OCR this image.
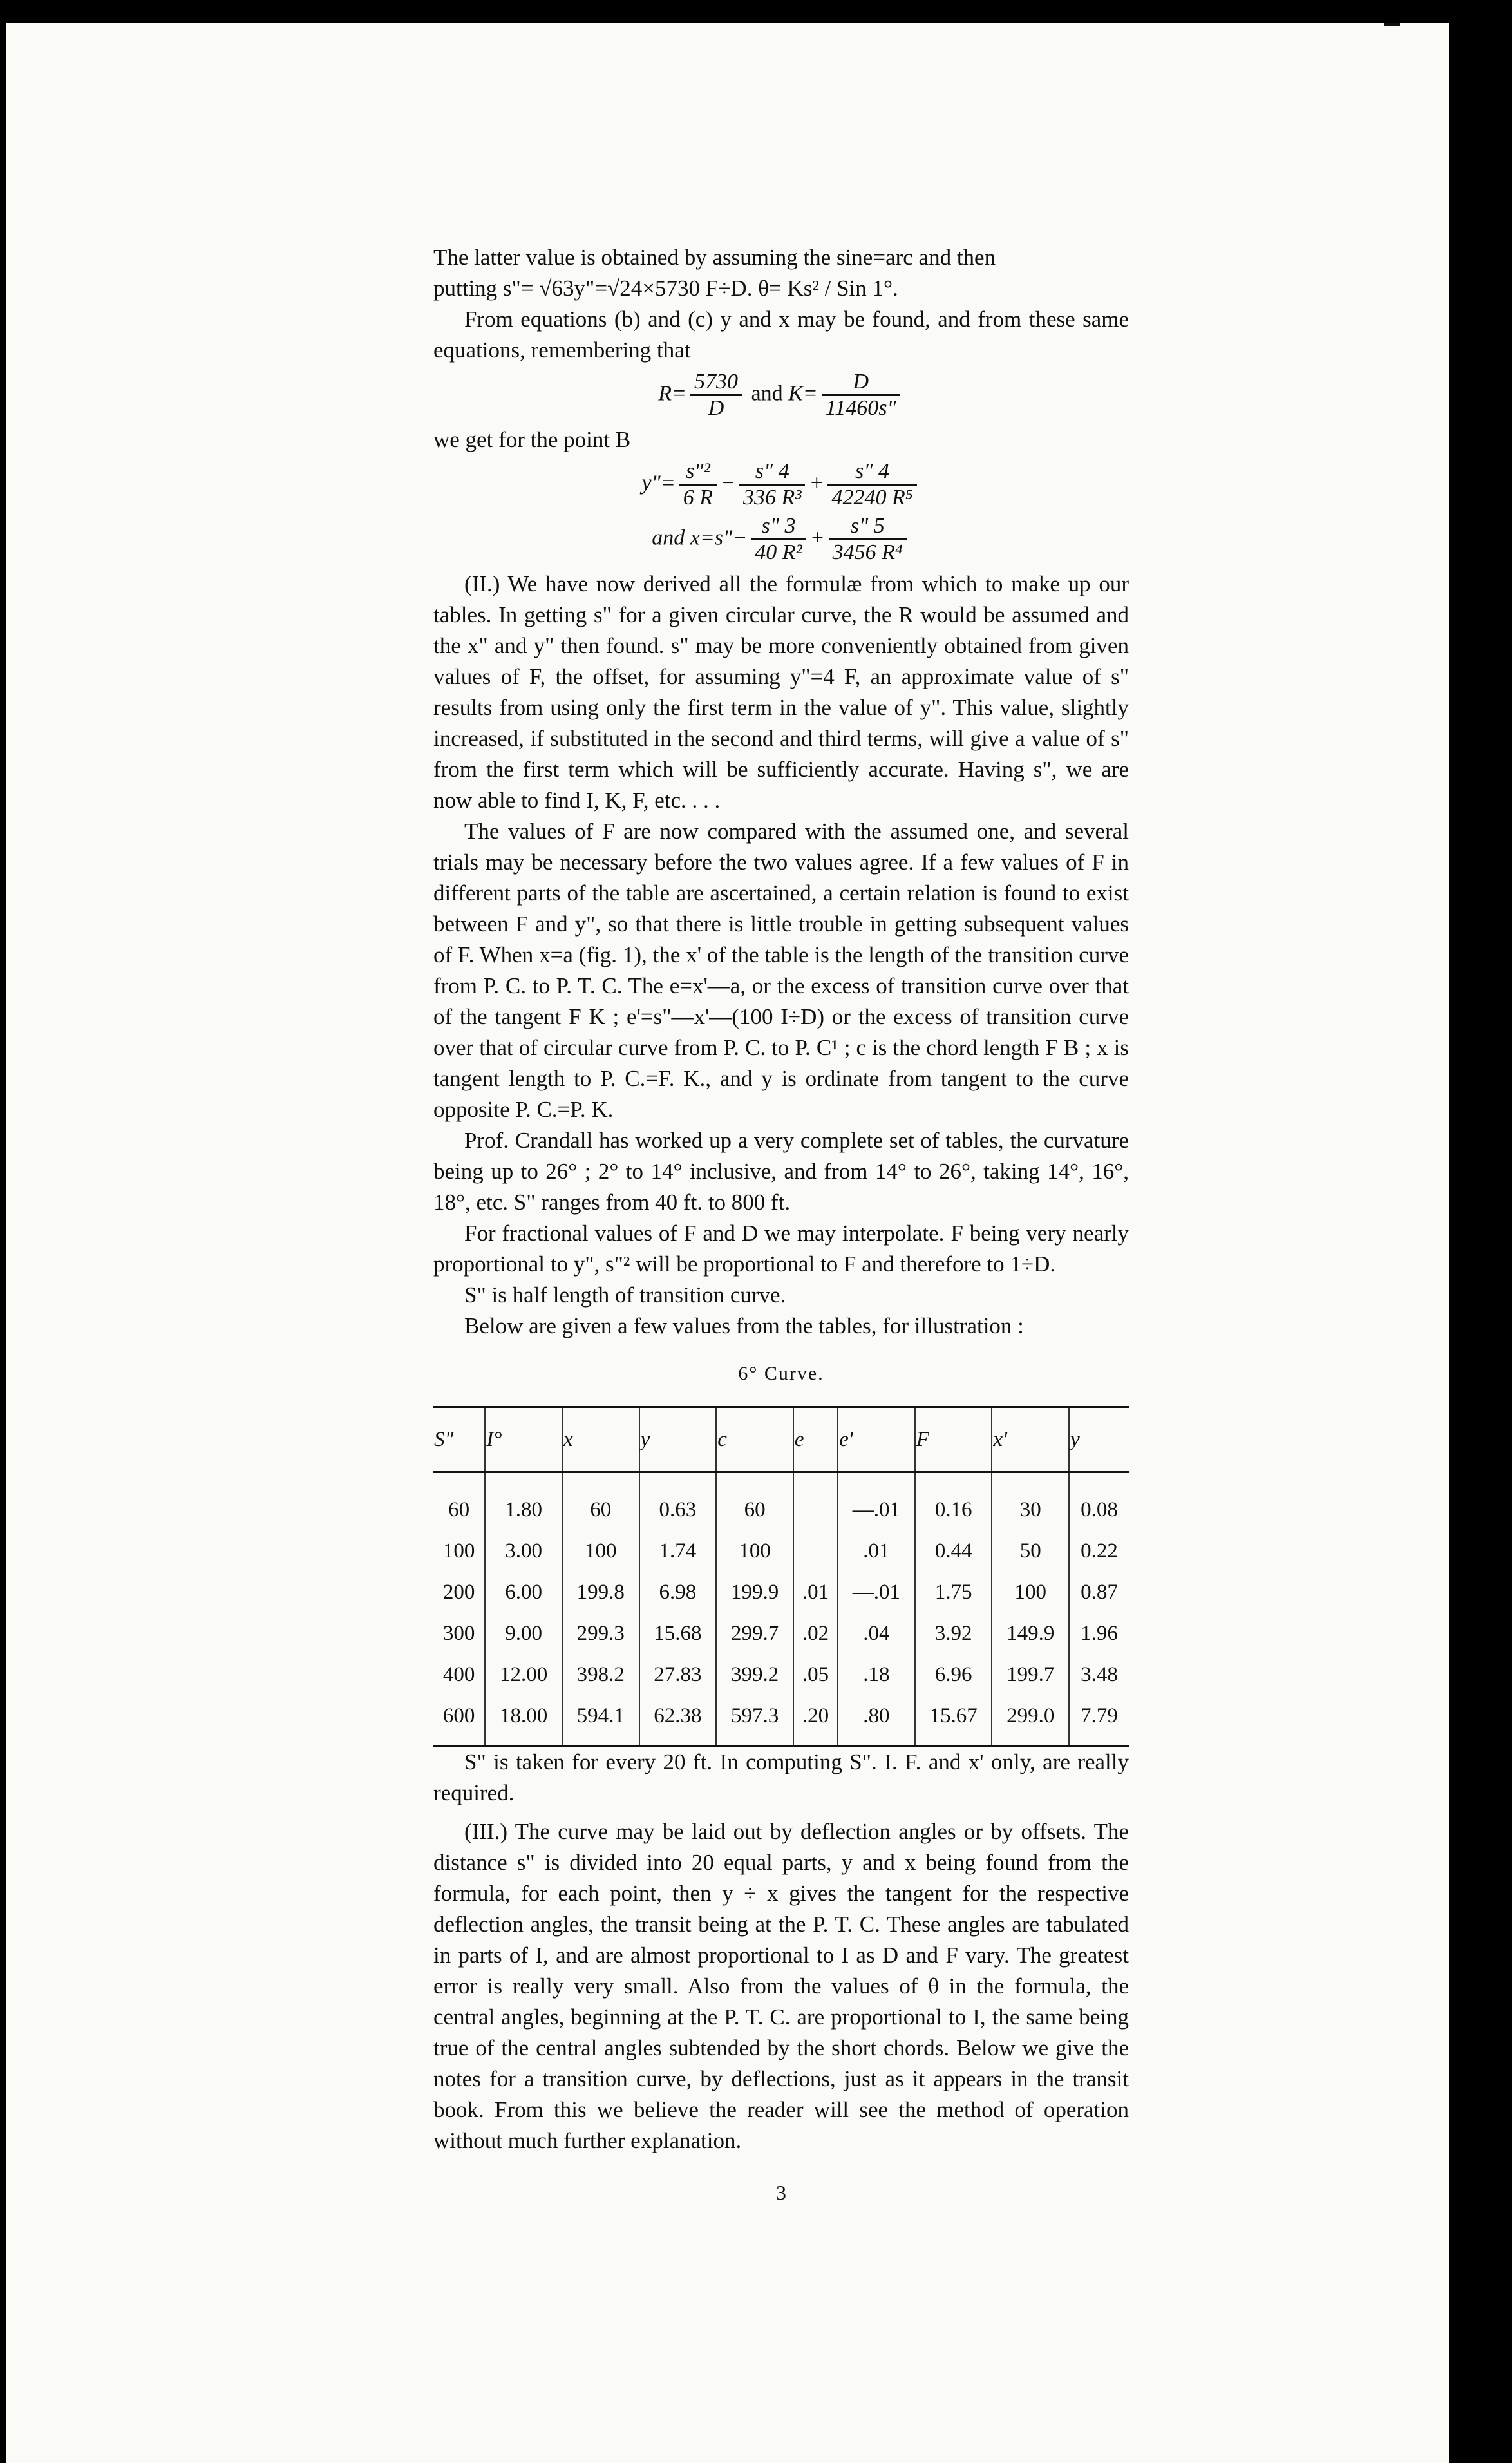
The latter value is obtained by assuming the sine=arc and then

putting s"= √63y"=√24×5730 F÷D. θ= Ks² / Sin 1°.

From equations (b) and (c) y and x may be found, and from these same equations, remembering that

$R= \frac{5730}{D}$ and $K= \frac{D}{11460s"}$

we get for the point B

y"= $\frac{\text{s"²}}{6 R} - \frac{s" 4}{\text{336 R³}} + \frac{s" 4}{\text{42240 R⁵}}$
and x=s"− $\frac{s" 3}{\text{40 R²}} + \frac{s" 5}{\text{3456 R⁴}}$

(II.) We have now derived all the formulæ from which to make up our tables. In getting s" for a given circular curve, the R would be assumed and the x" and y" then found. s" may be more conveniently obtained from given values of F, the offset, for assuming y"=4 F, an approximate value of s" results from using only the first term in the value of y". This value, slightly increased, if substituted in the second and third terms, will give a value of s" from the first term which will be sufficiently accurate. Having s", we are now able to find I, K, F, etc. . . .

The values of F are now compared with the assumed one, and several trials may be necessary before the two values agree. If a few values of F in different parts of the table are ascertained, a certain relation is found to exist between F and y", so that there is little trouble in getting subsequent values of F. When x=a (fig. 1), the x' of the table is the length of the transition curve from P. C. to P. T. C. The e=x'—a, or the excess of transition curve over that of the tangent F K ; e'=s"—x'—(100 I÷D) or the excess of transition curve over that of circular curve from P. C. to P. C¹ ; c is the chord length F B ; x is tangent length to P. C.=F. K., and y is ordinate from tangent to the curve opposite P. C.=P. K.

Prof. Crandall has worked up a very complete set of tables, the curvature being up to 26° ; 2° to 14° inclusive, and from 14° to 26°, taking 14°, 16°, 18°, etc. S" ranges from 40 ft. to 800 ft.

For fractional values of F and D we may interpolate. F being very nearly proportional to y", s"² will be proportional to F and therefore to 1÷D.

S" is half length of transition curve.

Below are given a few values from the tables, for illustration :

6° Curve.
S"	I°	x	y	c	e	e'	F	x'	y
60	1.80	60	0.63	60		—.01	0.16	30	0.08
100	3.00	100	1.74	100		.01	0.44	50	0.22
200	6.00	199.8	6.98	199.9	.01	—.01	1.75	100	0.87
300	9.00	299.3	15.68	299.7	.02	.04	3.92	149.9	1.96
400	12.00	398.2	27.83	399.2	.05	.18	6.96	199.7	3.48
600	18.00	594.1	62.38	597.3	.20	.80	15.67	299.0	7.79

S" is taken for every 20 ft. In computing S". I. F. and x' only, are really required.

(III.) The curve may be laid out by deflection angles or by offsets. The distance s" is divided into 20 equal parts, y and x being found from the formula, for each point, then y ÷ x gives the tangent for the respective deflection angles, the transit being at the P. T. C. These angles are tabulated in parts of I, and are almost proportional to I as D and F vary. The greatest error is really very small. Also from the values of θ in the formula, the central angles, beginning at the P. T. C. are proportional to I, the same being true of the central angles subtended by the short chords. Below we give the notes for a transition curve, by deflections, just as it appears in the transit book. From this we believe the reader will see the method of operation without much further explanation.

3
